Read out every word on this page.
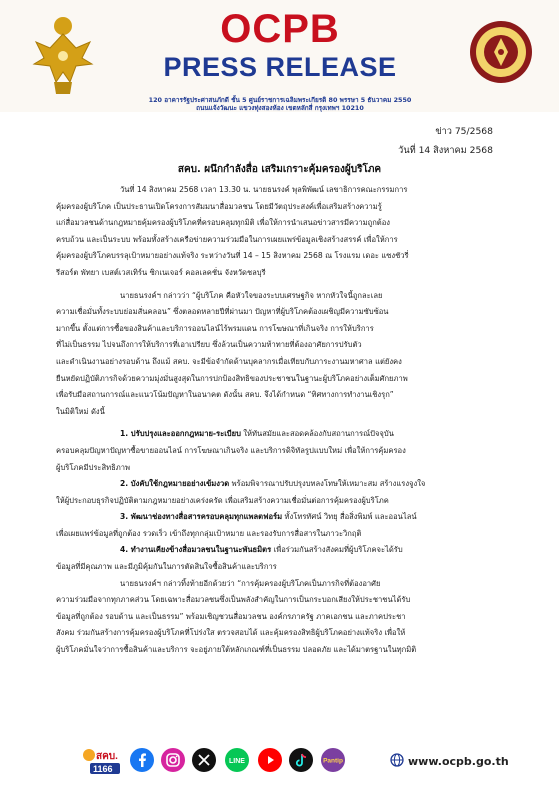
OCPB
PRESS RELEASE
120 อาคารรัฐประศาสนภักดี ชั้น 5 ศูนย์ราชการเฉลิมพระเกียรติ 80 พรรษา 5 ธันวาคม 2550
ถนนแจ้งวัฒนะ แขวงทุ่งสองห้อง เขตหลักสี่ กรุงเทพฯ 10210
ข่าว 75/2568
วันที่ 14 สิงหาคม 2568
สคบ. ผนึกกำลังสื่อ เสริมเกราะคุ้มครองผู้บริโภค

วันที่ 14 สิงหาคม 2568 เวลา 13.30 น. นายธนรงค์ พุลพิพัฒน์ เลขาธิการคณะกรรมการ

คุ้มครองผู้บริโภค เป็นประธานเปิดโครงการสัมมนาสื่อมวลชน โดยมีวัตถุประสงค์เพื่อเสริมสร้างความรู้

แก่สื่อมวลชนด้านกฎหมายคุ้มครองผู้บริโภคที่ครอบคลุมทุกมิติ เพื่อให้การนำเสนอข่าวสารมีความถูกต้อง

ครบถ้วน และเป็นระบบ พร้อมทั้งสร้างเครือข่ายความร่วมมือในการเผยแพร่ข้อมูลเชิงสร้างสรรค์ เพื่อให้การ

คุ้มครองผู้บริโภคบรรลุเป้าหมายอย่างแท้จริง ระหว่างวันที่ 14 – 15 สิงหาคม 2568 ณ โรงแรม เดอะ แซงชัวรี่

รีสอร์ต พัทยา เบสต์เวสเทิร์น ซิกเนเจอร์ คอลเลคชั่น จังหวัดชลบุรี

นายธนรงค์ฯ กล่าวว่า “ผู้บริโภค คือหัวใจของระบบเศรษฐกิจ หากหัวใจนี้ถูกละเลย

ความเชื่อมั่นทั้งระบบย่อมสั่นคลอน” ซึ่งตลอดหลายปีที่ผ่านมา ปัญหาที่ผู้บริโภคต้องเผชิญมีความซับซ้อน

มากขึ้น ตั้งแต่การซื้อของสินค้าและบริการออนไลน์ไร้พรมแดน การโฆษณาที่เกินจริง การให้บริการ

ที่ไม่เป็นธรรม ไปจนถึงการให้บริการที่เอาเปรียบ ซึ่งล้วนเป็นความท้าทายที่ต้องอาศัยการปรับตัว

และดำเนินงานอย่างรอบด้าน ถึงแม้ สคบ. จะมีข้อจำกัดด้านบุคลากรเมื่อเทียบกับภาระงานมหาศาล แต่ยังคง

ยืนหยัดปฏิบัติภารกิจด้วยความมุ่งมั่นสูงสุดในการปกป้องสิทธิของประชาชนในฐานะผู้บริโภคอย่างเต็มศักยภาพ

เพื่อรับมือสถานการณ์และแนวโน้มปัญหาในอนาคต ดังนั้น สคบ. จึงได้กำหนด “ทิศทางการทำงานเชิงรุก”

ในมิติใหม่ ดังนี้

1. ปรับปรุงและออกกฎหมาย-ระเบียบ ให้ทันสมัยและสอดคล้องกับสถานการณ์ปัจจุบัน

ครอบคลุมปัญหาปัญหาซื้อขายออนไลน์ การโฆษณาเกินจริง และบริการดิจิทัลรูปแบบใหม่ เพื่อให้การคุ้มครอง

ผู้บริโภคมีประสิทธิภาพ

2. บังคับใช้กฎหมายอย่างเข้มงวด พร้อมพิจารณาปรับปรุงบทลงโทษให้เหมาะสม สร้างแรงจูงใจ

ให้ผู้ประกอบธุรกิจปฏิบัติตามกฎหมายอย่างเคร่งครัด เพื่อเสริมสร้างความเชื่อมั่นต่อการคุ้มครองผู้บริโภค

3. พัฒนาช่องทางสื่อสารครอบคลุมทุกแพลตฟอร์ม ทั้งโทรทัศน์ วิทยุ สื่อสิ่งพิมพ์ และออนไลน์

เพื่อเผยแพร่ข้อมูลที่ถูกต้อง รวดเร็ว เข้าถึงทุกกลุ่มเป้าหมาย และรองรับการสื่อสารในภาวะวิกฤติ

4. ทำงานเคียงข้างสื่อมวลชนในฐานะพันธมิตร เพื่อร่วมกันสร้างสังคมที่ผู้บริโภคจะได้รับ

ข้อมูลที่มีคุณภาพ และมีภูมิคุ้มกันในการตัดสินใจซื้อสินค้าและบริการ

นายธนรงค์ฯ กล่าวทิ้งท้ายอีกด้วยว่า “การคุ้มครองผู้บริโภคเป็นภารกิจที่ต้องอาศัย

ความร่วมมือจากทุกภาคส่วน โดยเฉพาะสื่อมวลชนซึ่งเป็นพลังสำคัญในการเป็นกระบอกเสียงให้ประชาชนได้รับ

ข้อมูลที่ถูกต้อง รอบด้าน และเป็นธรรม” พร้อมเชิญชวนสื่อมวลชน องค์กรภาครัฐ ภาคเอกชน และภาคประชา

สังคม ร่วมกันสร้างการคุ้มครองผู้บริโภคที่โปร่งใส ตรวจสอบได้ และคุ้มครองสิทธิผู้บริโภคอย่างแท้จริง เพื่อให้

ผู้บริโภคมั่นใจว่าการซื้อสินค้าและบริการ จะอยู่ภายใต้หลักเกณฑ์ที่เป็นธรรม ปลอดภัย และได้มาตรฐานในทุกมิติ

สคบ.
1166
LINE	Pantip	www.ocpb.go.th
